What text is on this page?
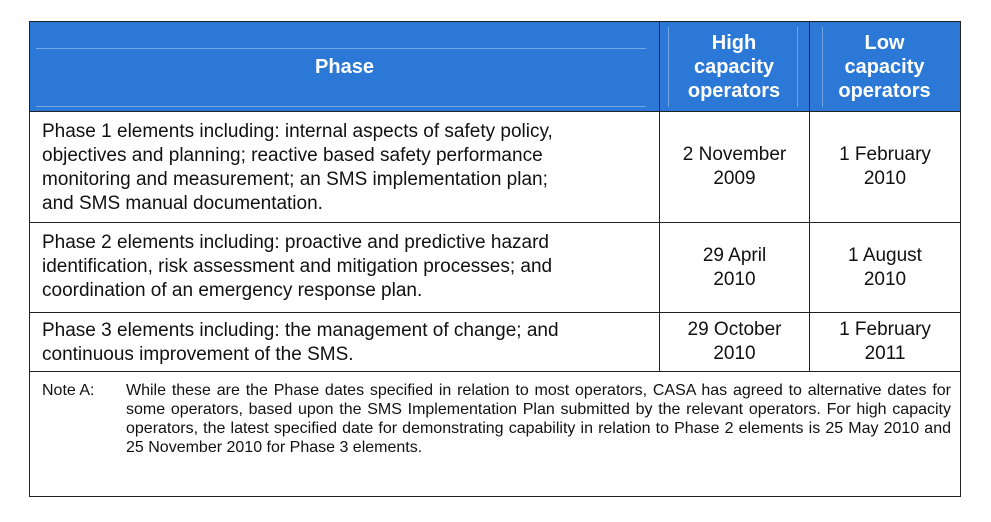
Phase
High
capacity
operators
Low
capacity
operators
Phase 1 elements including: internal aspects of safety policy,
objectives and planning; reactive based safety performance
monitoring and measurement; an SMS implementation plan;
and SMS manual documentation.
2 November
2009
1 February
2010
Phase 2 elements including: proactive and predictive hazard
identification, risk assessment and mitigation processes; and
coordination of an emergency response plan.
29 April
2010
1 August
2010
Phase 3 elements including: the management of change; and
continuous improvement of the SMS.
29 October
2010
1 February
2011
Note A: While these are the Phase dates specified in relation to most operators, CASA has agreed to alternative dates for some operators, based upon the SMS Implementation Plan submitted by the relevant operators. For high capacity operators, the latest specified date for demonstrating capability in relation to Phase 2 elements is 25 May 2010 and 25 November 2010 for Phase 3 elements.
